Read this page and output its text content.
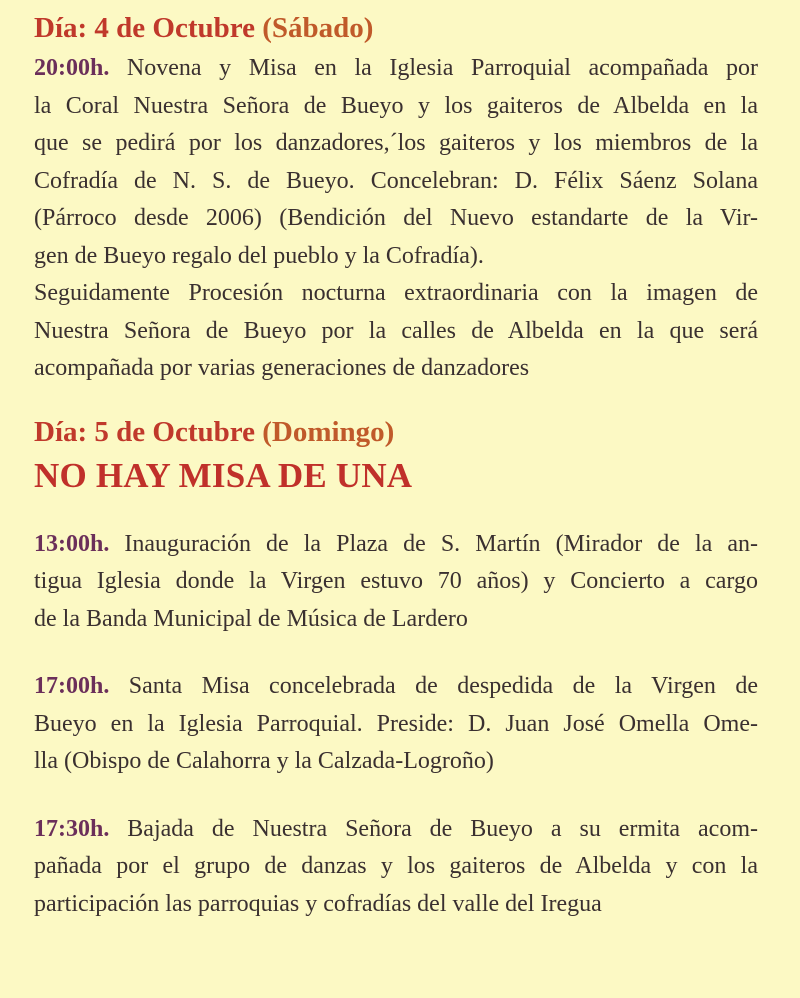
Día: 4 de Octubre (Sábado)
20:00h. Novena y Misa en la Iglesia Parroquial acompañada por
la Coral Nuestra Señora de Bueyo y los gaiteros de Albelda en la
que se pedirá por los danzadores,´los gaiteros y los miembros de la
Cofradía de N. S. de Bueyo. Concelebran: D. Félix Sáenz Solana
(Párroco desde 2006) (Bendición del Nuevo estandarte de la Vir-
gen de Bueyo regalo del pueblo y la Cofradía).
Seguidamente Procesión nocturna extraordinaria con la imagen de
Nuestra Señora de Bueyo por la calles de Albelda en la que será
acompañada por varias generaciones de danzadores
Día: 5 de Octubre (Domingo)
NO HAY MISA DE UNA
13:00h. Inauguración de la Plaza de S. Martín (Mirador de la an-
tigua Iglesia donde la Virgen estuvo 70 años) y Concierto a cargo
de la Banda Municipal de Música de Lardero
17:00h. Santa Misa concelebrada de despedida de la Virgen de
Bueyo en la Iglesia Parroquial. Preside: D. Juan José Omella Ome-
lla (Obispo de Calahorra y la Calzada-Logroño)
17:30h. Bajada de Nuestra Señora de Bueyo a su ermita acom-
pañada por el grupo de danzas y los gaiteros de Albelda y con la
participación las parroquias y cofradías del valle del Iregua
